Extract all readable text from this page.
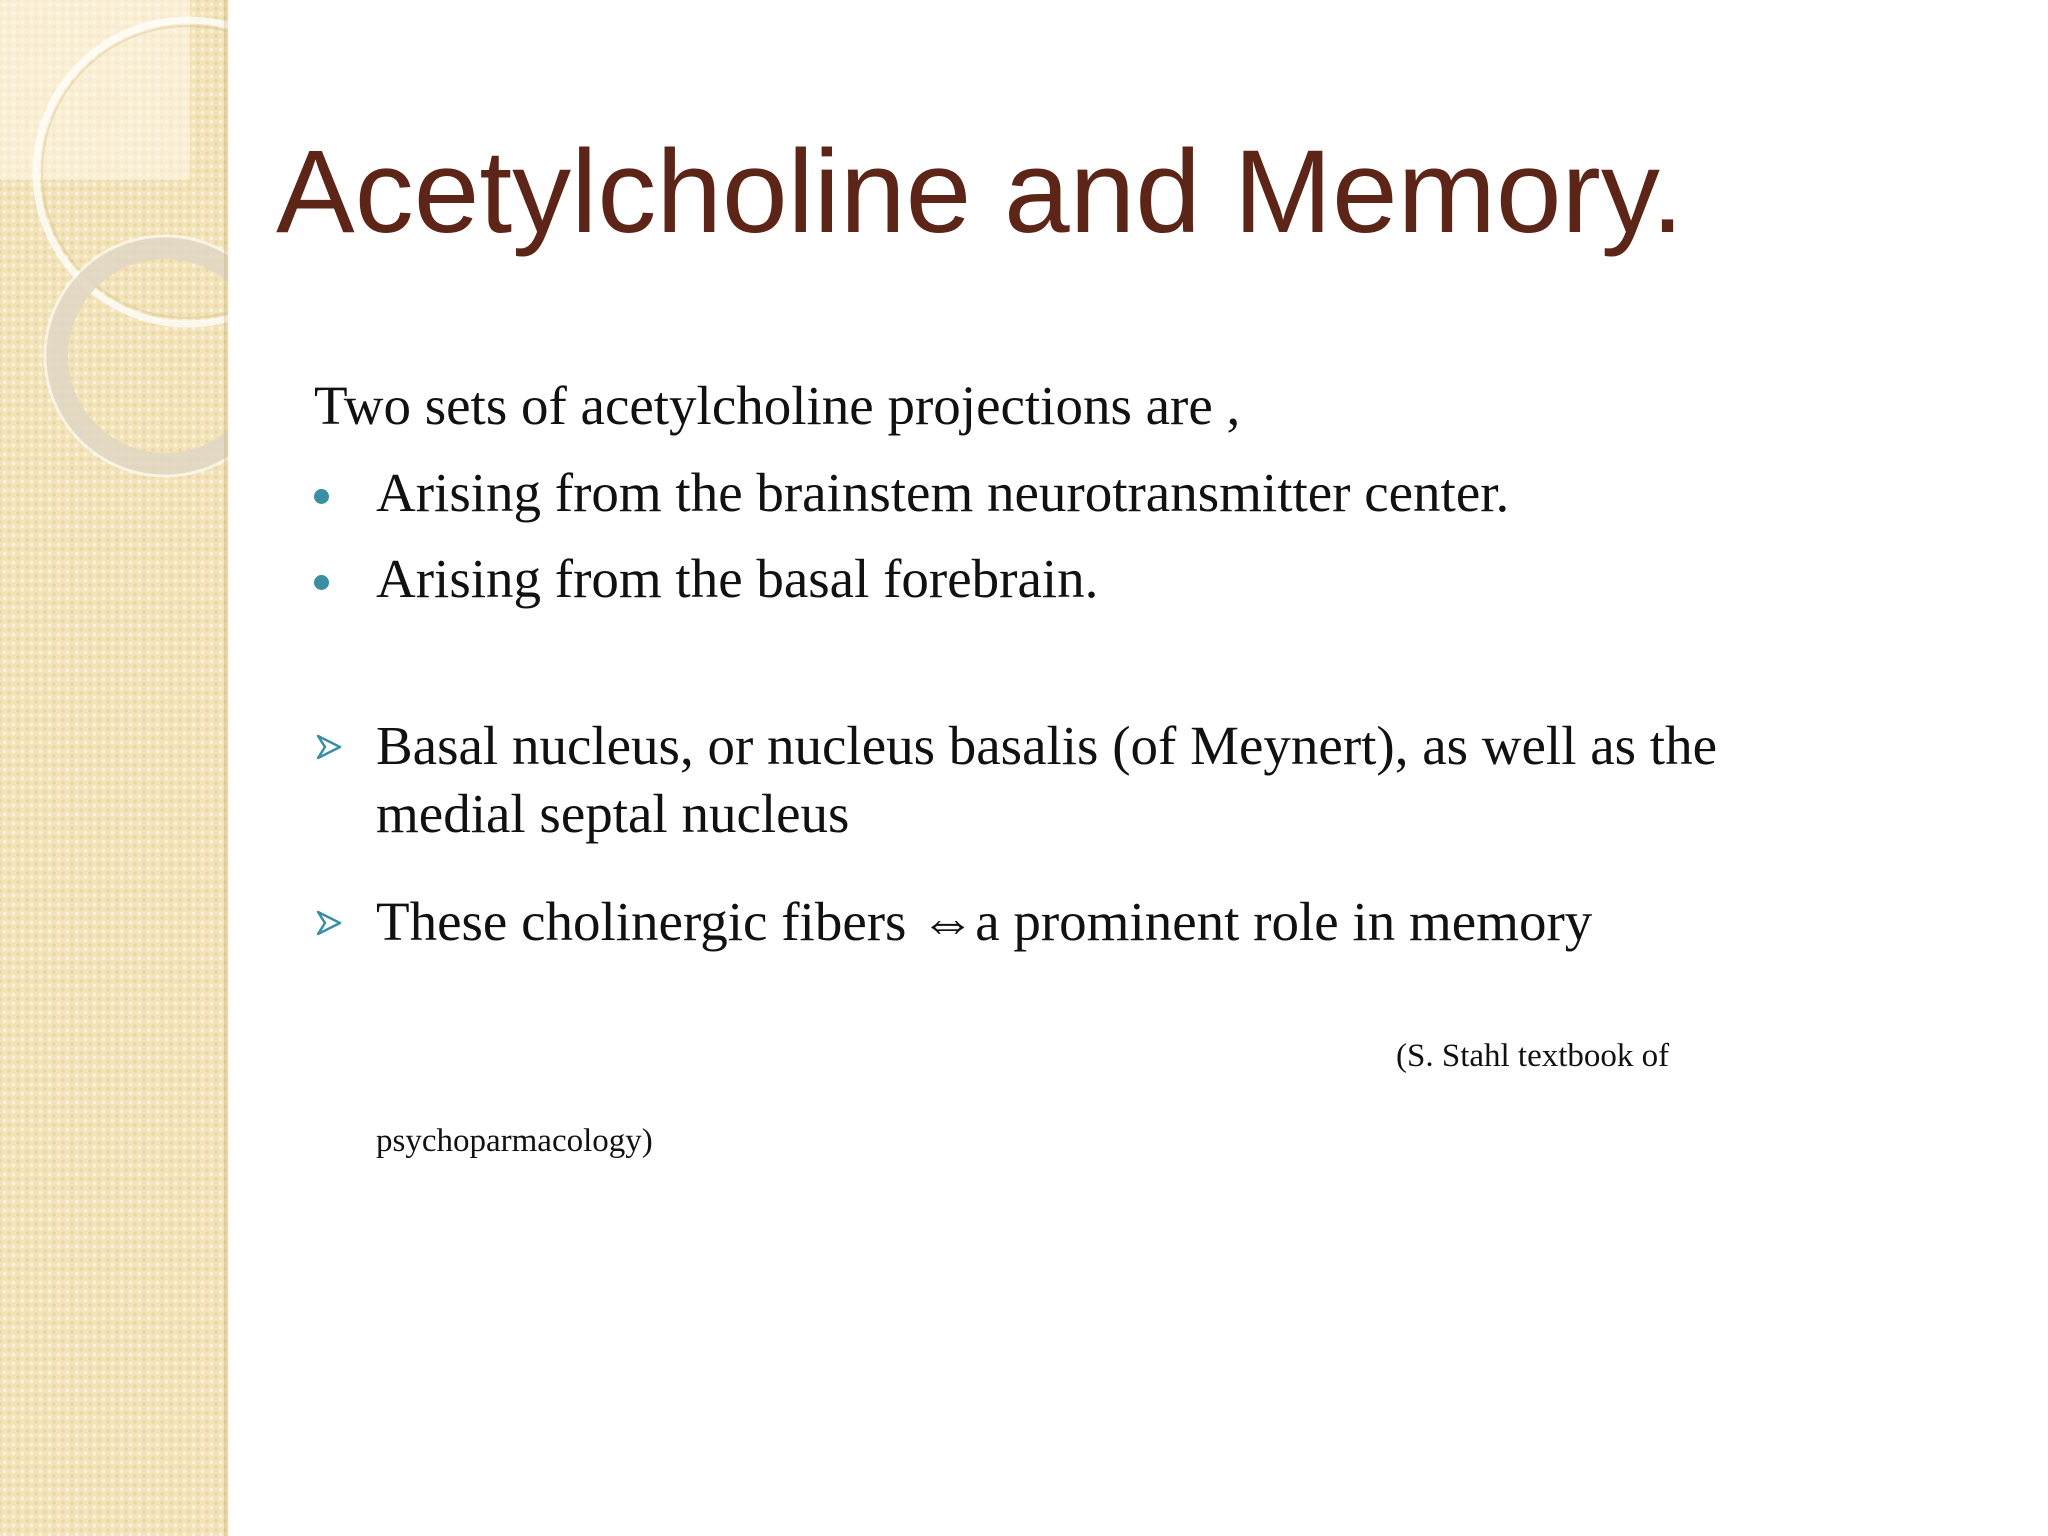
Acetylcholine and Memory.
Two sets of acetylcholine projections are ,
Arising from the brainstem neurotransmitter center.
Arising from the basal forebrain.
Basal nucleus, or nucleus basalis (of Meynert), as well as the medial septal nucleus
These cholinergic fibers ⇔a prominent role in memory
(S. Stahl textbook of
psychoparmacology)
